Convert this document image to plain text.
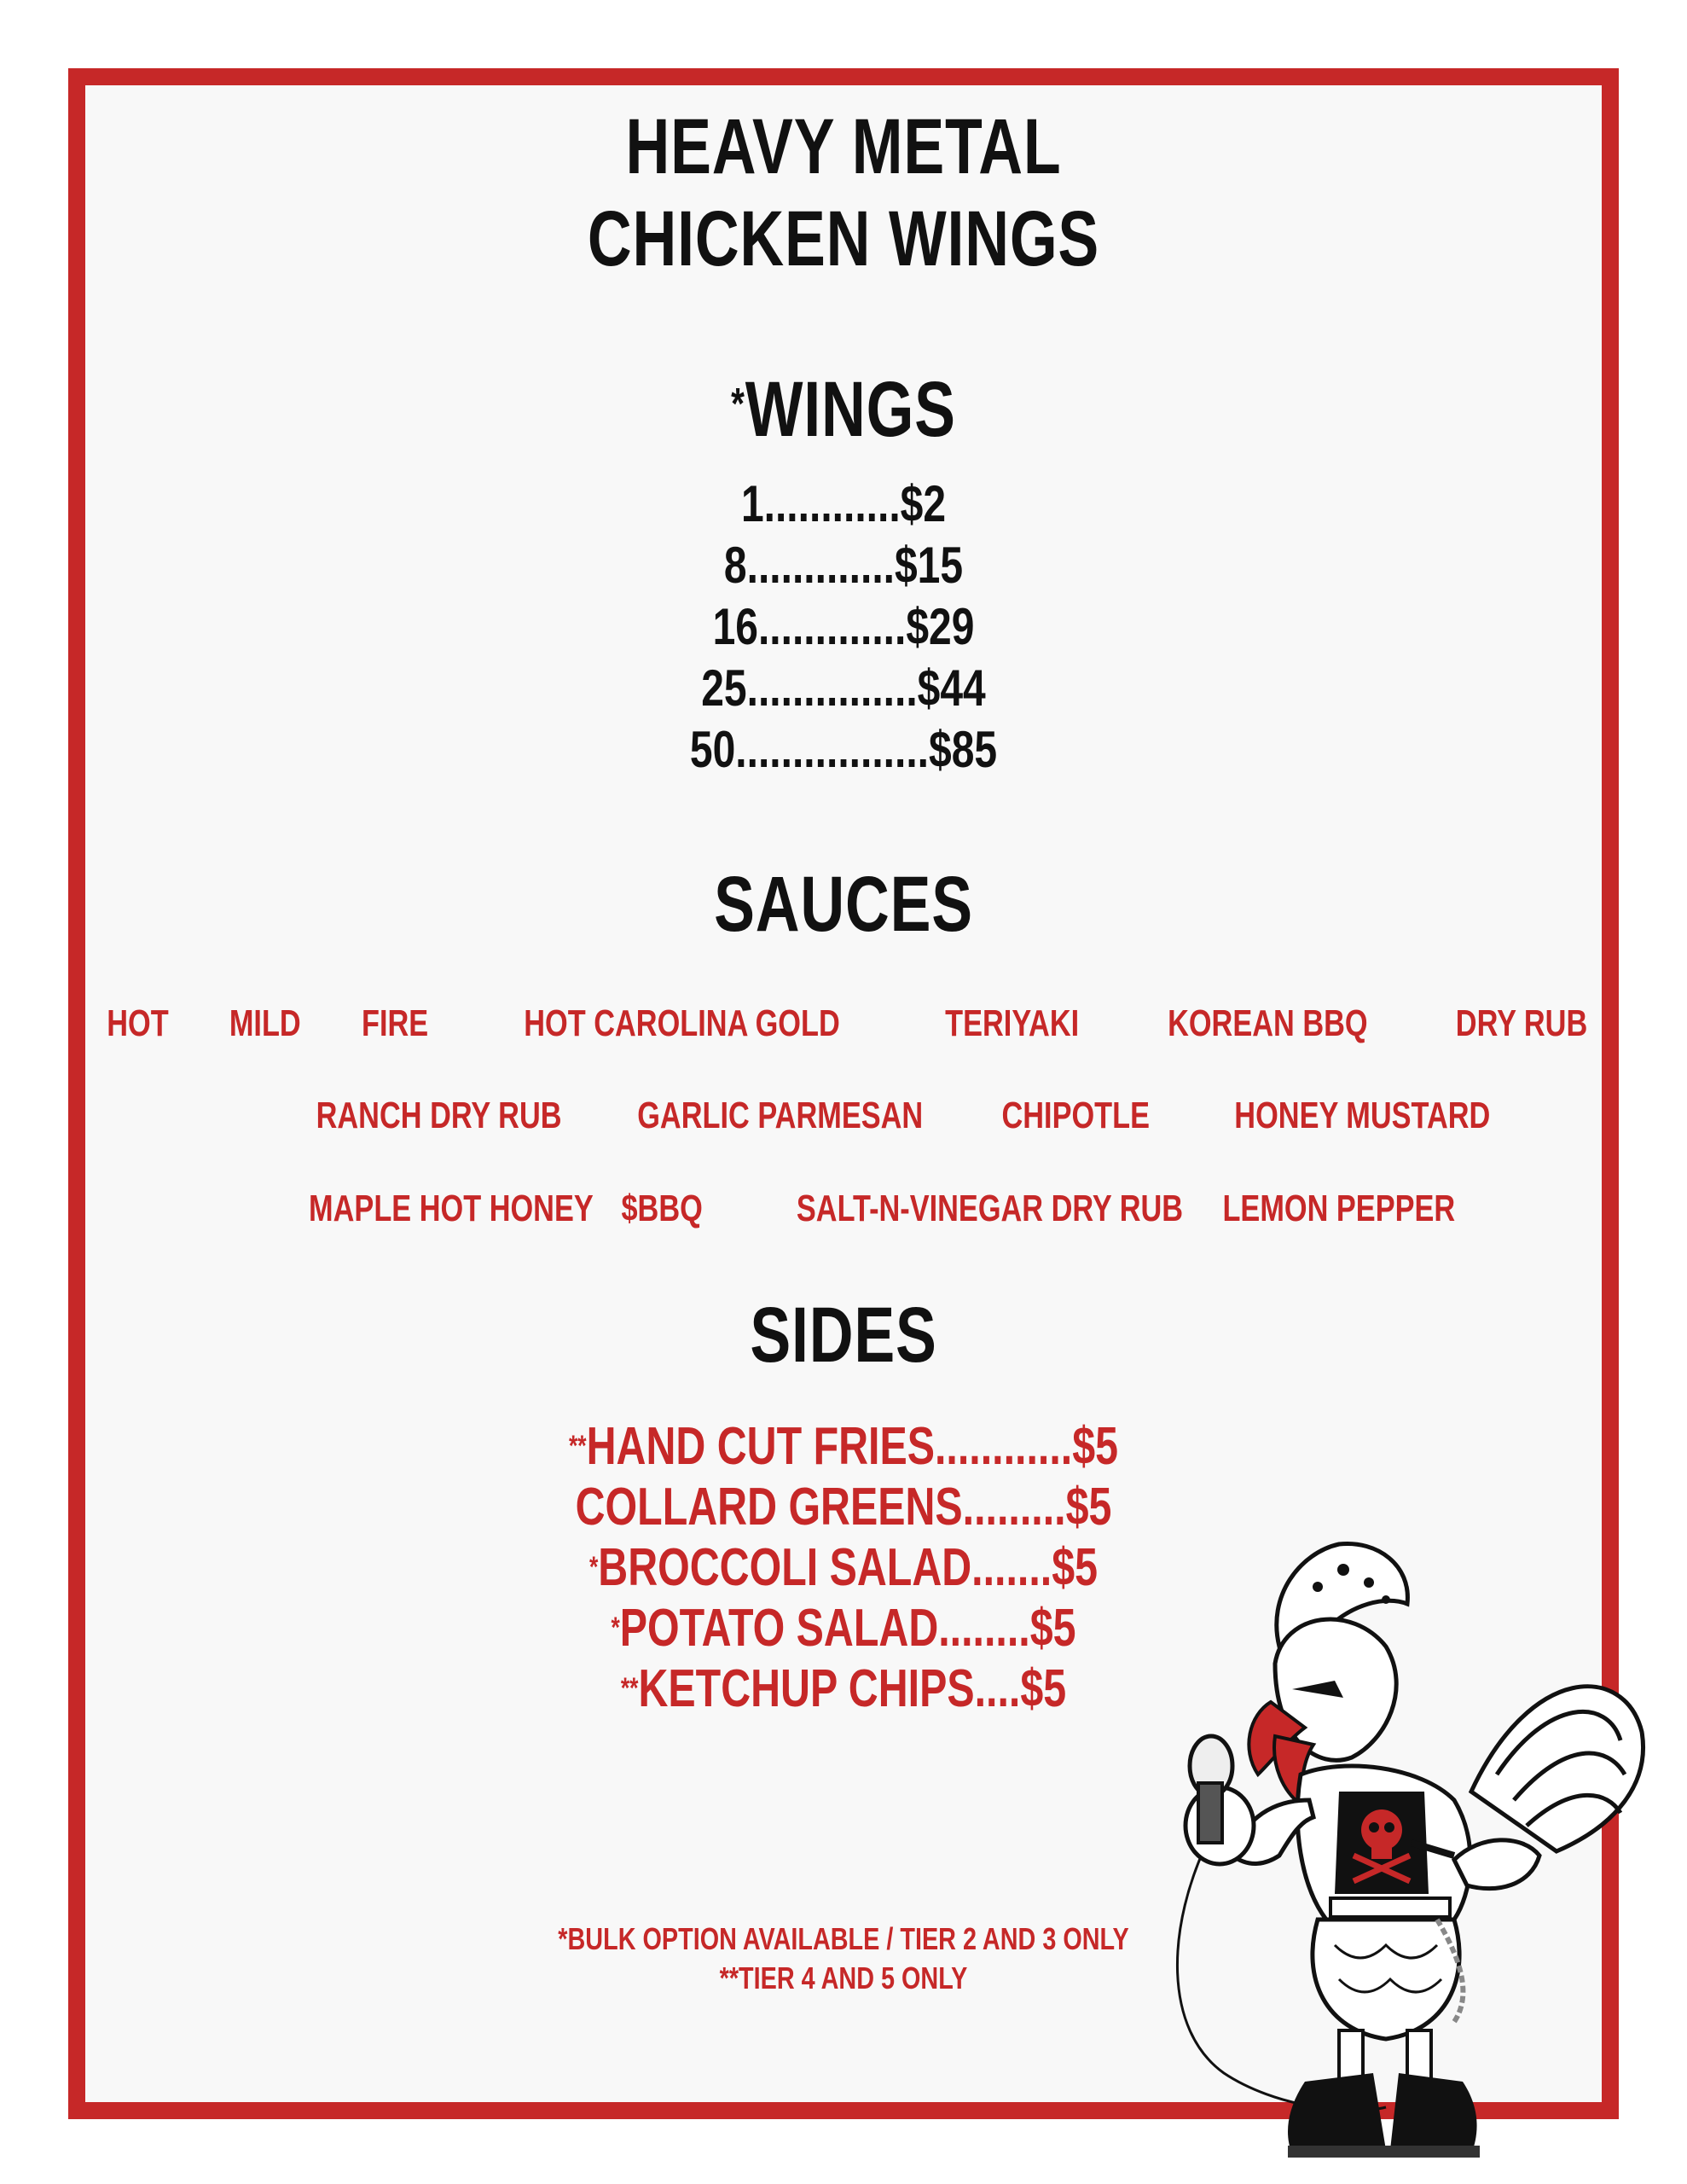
HEAVY METAL
CHICKEN WINGS
*WINGS
1............$2
8.............$15
16.............$29
25...............$44
50.................$85
SAUCES
HOT MILD FIRE	HOT CAROLINA GOLD	TERIYAKI KOREAN BBQ DRY RUB
RANCH DRY RUB GARLIC PARMESAN CHIPOTLE HONEY MUSTARD
MAPLE HOT HONEY $BBQ	SALT-N-VINEGAR DRY RUB LEMON PEPPER
SIDES
**HAND CUT FRIES............$5
COLLARD GREENS.........$5
*BROCCOLI SALAD.......$5
*POTATO SALAD........$5
**KETCHUP CHIPS....$5
*BULK OPTION AVAILABLE / TIER 2 AND 3 ONLY
**TIER 4 AND 5 ONLY
